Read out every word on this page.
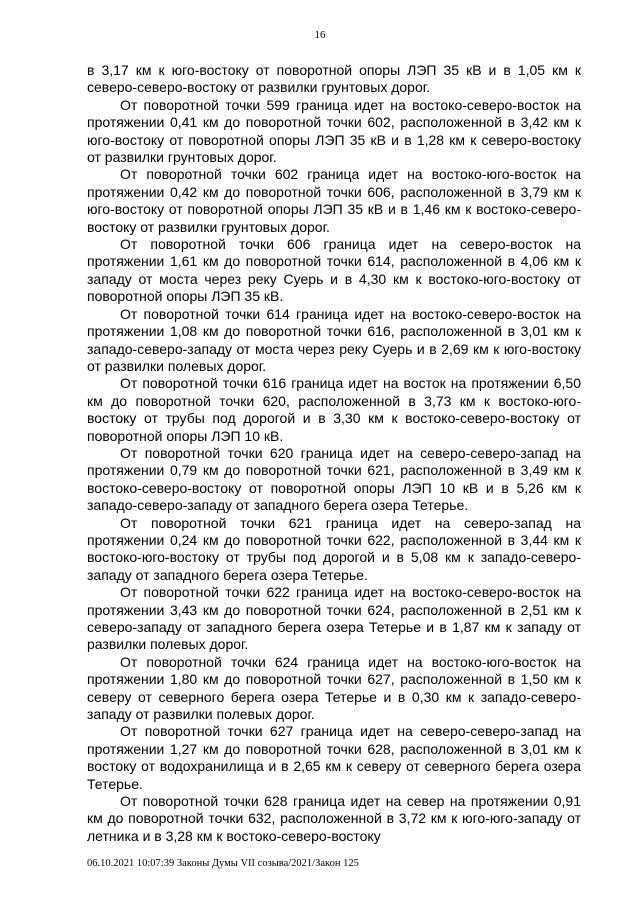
16

в 3,17 км к юго-востоку от поворотной опоры ЛЭП 35 кВ и в 1,05 км к северо-северо-востоку от развилки грунтовых дорог.

От поворотной точки 599 граница идет на востоко-северо-восток на протяжении 0,41 км до поворотной точки 602, расположенной в 3,42 км к юго-востоку от поворотной опоры ЛЭП 35 кВ и в 1,28 км к северо-востоку от развилки грунтовых дорог.

От поворотной точки 602 граница идет на востоко-юго-восток на протяжении 0,42 км до поворотной точки 606, расположенной в 3,79 км к юго-востоку от поворотной опоры ЛЭП 35 кВ и в 1,46 км к востоко-северо-востоку от развилки грунтовых дорог.

От поворотной точки 606 граница идет на северо-восток на протяжении 1,61 км до поворотной точки 614, расположенной в 4,06 км к западу от моста через реку Суерь и в 4,30 км к востоко-юго-востоку от поворотной опоры ЛЭП 35 кВ.

От поворотной точки 614 граница идет на востоко-северо-восток на протяжении 1,08 км до поворотной точки 616, расположенной в 3,01 км к западо-северо-западу от моста через реку Суерь и в 2,69 км к юго-востоку от развилки полевых дорог.

От поворотной точки 616 граница идет на восток на протяжении 6,50 км до поворотной точки 620, расположенной в 3,73 км к востоко-юго-востоку от трубы под дорогой и в 3,30 км к востоко-северо-востоку от поворотной опоры ЛЭП 10 кВ.

От поворотной точки 620 граница идет на северо-северо-запад на протяжении 0,79 км до поворотной точки 621, расположенной в 3,49 км к востоко-северо-востоку от поворотной опоры ЛЭП 10 кВ и в 5,26 км к западо-северо-западу от западного берега озера Тетерье.

От поворотной точки 621 граница идет на северо-запад на протяжении 0,24 км до поворотной точки 622, расположенной в 3,44 км к востоко-юго-востоку от трубы под дорогой и в 5,08 км к западо-северо-западу от западного берега озера Тетерье.

От поворотной точки 622 граница идет на востоко-северо-восток на протяжении 3,43 км до поворотной точки 624, расположенной в 2,51 км к северо-западу от западного берега озера Тетерье и в 1,87 км к западу от развилки полевых дорог.

От поворотной точки 624 граница идет на востоко-юго-восток на протяжении 1,80 км до поворотной точки 627, расположенной в 1,50 км к северу от северного берега озера Тетерье и в 0,30 км к западо-северо-западу от развилки полевых дорог.

От поворотной точки 627 граница идет на северо-северо-запад на протяжении 1,27 км до поворотной точки 628, расположенной в 3,01 км к востоку от водохранилища и в 2,65 км к северу от северного берега озера Тетерье.

От поворотной точки 628 граница идет на север на протяжении 0,91 км до поворотной точки 632, расположенной в 3,72 км к юго-юго-западу от летника и в 3,28 км к востоко-северо-востоку

06.10.2021 10:07:39 Законы Думы VII созыва/2021/Закон 125
